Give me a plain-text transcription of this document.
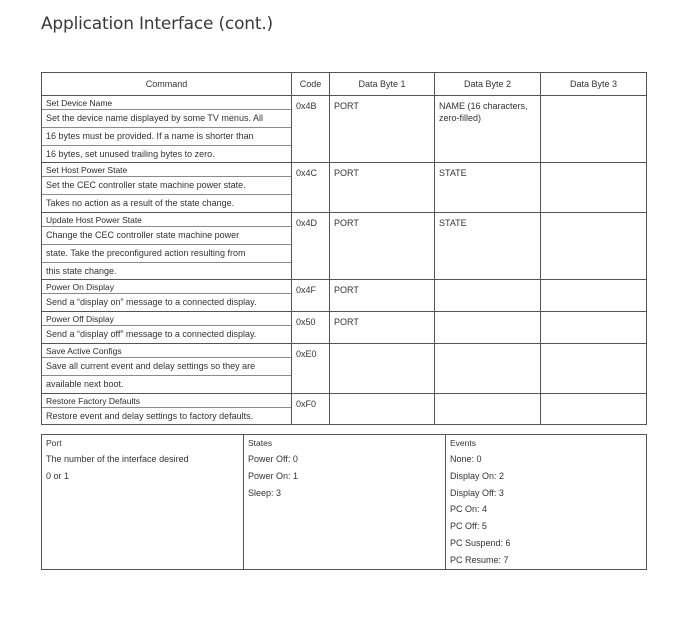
Application Interface (cont.)
Command	Code	Data Byte 1	Data Byte 2	Data Byte 3

Set Device Name
Set the device name displayed by some TV menus. All
16 bytes must be provided. If a name is shorter than
16 bytes, set unused trailing bytes to zero.	0x4B	PORT	NAME (16 characters, zero-filled)	

Set Host Power State
Set the CEC controller state machine power state.
Takes no action as a result of the state change.	0x4C	PORT	STATE	

Update Host Power State
Change the CEC controller state machine power
state. Take the preconfigured action resulting from
this state change.	0x4D	PORT	STATE	

Power On Display
Send a “display on” message to a connected display.	0x4F	PORT		

Power Off Display
Send a “display off” message to a connected display.	0x50	PORT		

Save Active Configs
Save all current event and delay settings so they are
available next boot.	0xE0			

Restore Factory Defaults
Restore event and delay settings to factory defaults.	0xF0			

Port
The number of the interface desired
0 or 1

States
Power Off: 0
Power On: 1
Sleep: 3

Events
None: 0
Display On: 2
Display Off: 3
PC On: 4
PC Off: 5
PC Suspend: 6
PC Resume: 7
